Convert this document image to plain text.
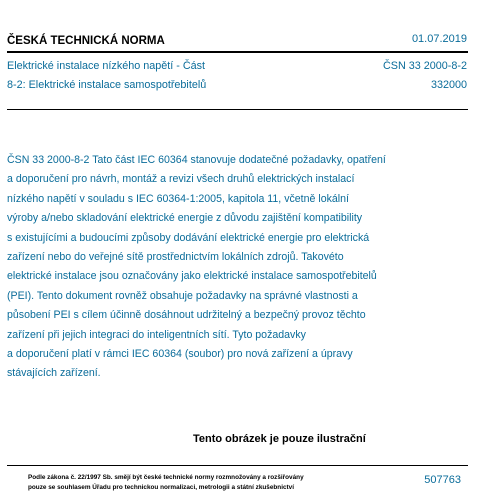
ČESKÁ TECHNICKÁ NORMA	01.07.2019
Elektrické instalace nízkého napětí - Část
8-2: Elektrické instalace samospotřebitelů
ČSN 33 2000-8-2
332000
ČSN 33 2000-8-2 Tato část IEC 60364 stanovuje dodatečné požadavky, opatření
a doporučení pro návrh, montáž a revizi všech druhů elektrických instalací
nízkého napětí v souladu s IEC 60364-1:2005, kapitola 11, včetně lokální
výroby a/nebo skladování elektrické energie z důvodu zajištění kompatibility
s existujícími a budoucími způsoby dodávání elektrické energie pro elektrická
zařízení nebo do veřejné sítě prostřednictvím lokálních zdrojů. Takovéto
elektrické instalace jsou označovány jako elektrické instalace samospotřebitelů
(PEI). Tento dokument rovněž obsahuje požadavky na správné vlastnosti a
působení PEI s cílem účinně dosáhnout udržitelný a bezpečný provoz těchto
zařízení při jejich integraci do inteligentních sítí. Tyto požadavky
a doporučení platí v rámci IEC 60364 (soubor) pro nová zařízení a úpravy
stávajících zařízení.
Tento obrázek je pouze ilustrační
Podle zákona č. 22/1997 Sb. smějí být české technické normy rozmnožovány a rozšiřovány
pouze se souhlasem Úřadu pro technickou normalizaci, metrologii a státní zkušebnictví
507763
